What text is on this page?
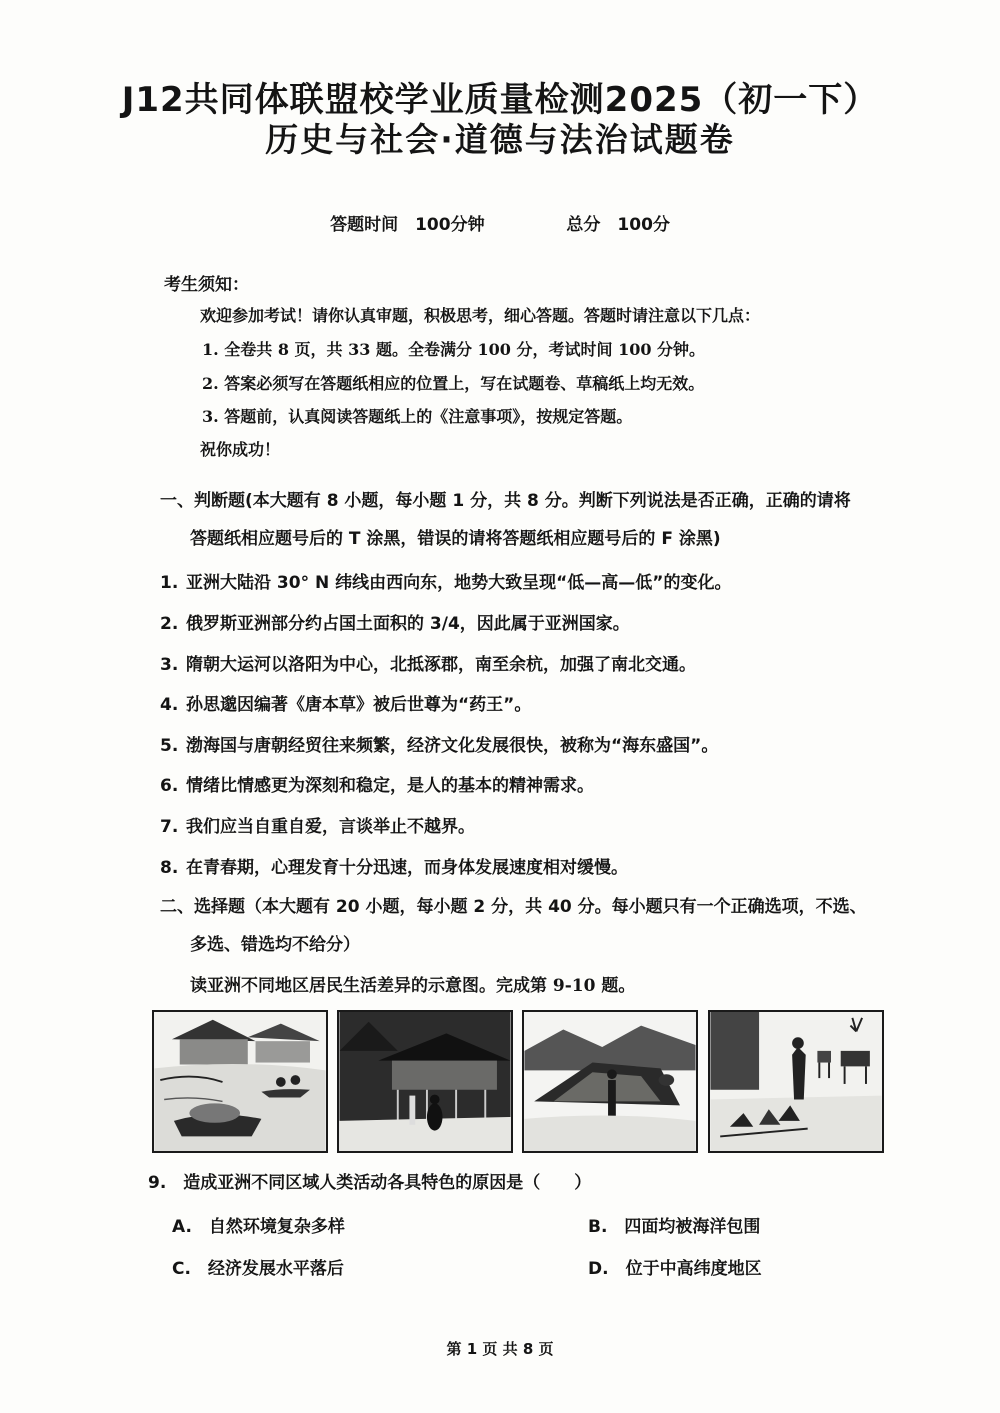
J12共同体联盟校学业质量检测2025（初一下）
历史与社会·道德与法治试题卷
答题时间　100分钟	总分　100分
考生须知：
欢迎参加考试！请你认真审题，积极思考，细心答题。答题时请注意以下几点：
1. 全卷共 8 页，共 33 题。全卷满分 100 分，考试时间 100 分钟。
2. 答案必须写在答题纸相应的位置上，写在试题卷、草稿纸上均无效。
3. 答题前，认真阅读答题纸上的《注意事项》，按规定答题。
祝你成功！
一、判断题(本大题有 8 小题，每小题 1 分，共 8 分。判断下列说法是否正确，正确的请将
答题纸相应题号后的 T 涂黑，错误的请将答题纸相应题号后的 F 涂黑)
1. 亚洲大陆沿 30° N 纬线由西向东，地势大致呈现“低—高—低”的变化。
2. 俄罗斯亚洲部分约占国土面积的 3/4，因此属于亚洲国家。
3. 隋朝大运河以洛阳为中心，北抵涿郡，南至余杭，加强了南北交通。
4. 孙思邈因编著《唐本草》被后世尊为“药王”。
5. 渤海国与唐朝经贸往来频繁，经济文化发展很快，被称为“海东盛国”。
6. 情绪比情感更为深刻和稳定，是人的基本的精神需求。
7. 我们应当自重自爱，言谈举止不越界。
8. 在青春期，心理发育十分迅速，而身体发展速度相对缓慢。
二、选择题（本大题有 20 小题，每小题 2 分，共 40 分。每小题只有一个正确选项，不选、
多选、错选均不给分）
读亚洲不同地区居民生活差异的示意图。完成第 9-10 题。
9.　造成亚洲不同区域人类活动各具特色的原因是（　　）
A.　自然环境复杂多样	B.　四面均被海洋包围
C.　经济发展水平落后	D.　位于中高纬度地区
第 1 页 共 8 页
